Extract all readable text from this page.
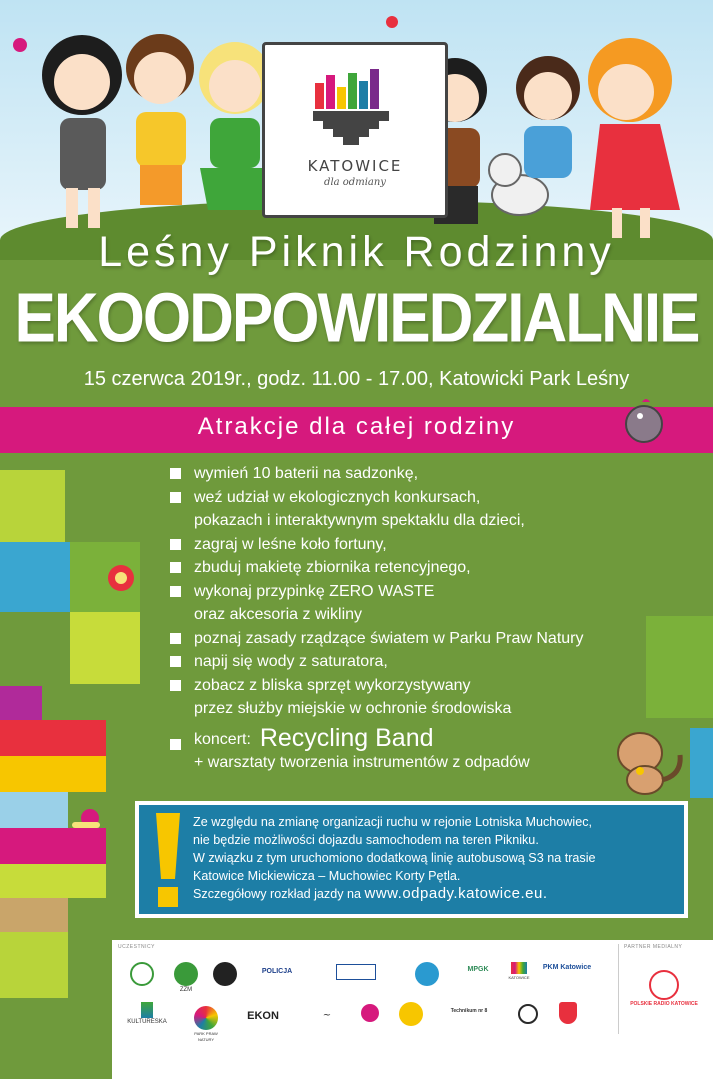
KATOWICE
dla odmiany
Leśny Piknik Rodzinny
EKOODPOWIEDZIALNIE
15 czerwca 2019r., godz. 11.00 - 17.00, Katowicki Park Leśny
Atrakcje dla całej rodziny
wymień 10 baterii na sadzonkę,
weź udział w ekologicznych konkursach,
pokazach i interaktywnym spektaklu dla dzieci,
zagraj w leśne koło fortuny,
zbuduj makietę zbiornika retencyjnego,
wykonaj przypinkę ZERO WASTE
oraz akcesoria z wikliny
poznaj zasady rządzące światem w Parku Praw Natury
napij się wody z saturatora,
zobacz z bliska sprzęt wykorzystywany
przez służby miejskie w ochronie środowiska
koncert: Recycling Band
+ warsztaty tworzenia instrumentów z odpadów
Ze względu na zmianę organizacji ruchu w rejonie Lotniska Muchowiec,
nie będzie możliwości dojazdu samochodem na teren Pikniku.
W związku z tym uruchomiono dodatkową linię autobusową S3 na trasie
Katowice Mickiewicza – Muchowiec Korty Pętla.
Szczegółowy rozkład jazdy na www.odpady.katowice.eu.
UCZESTNICY	PARTNER MEDIALNY
ZZM
POLICJA	MPGK
KATOWICE
PKM Katowice
POLSKIE RADIO KATOWICE
KULTURESKA
PARK PRAW NATURY
EKON	~	Technikum nr 8
